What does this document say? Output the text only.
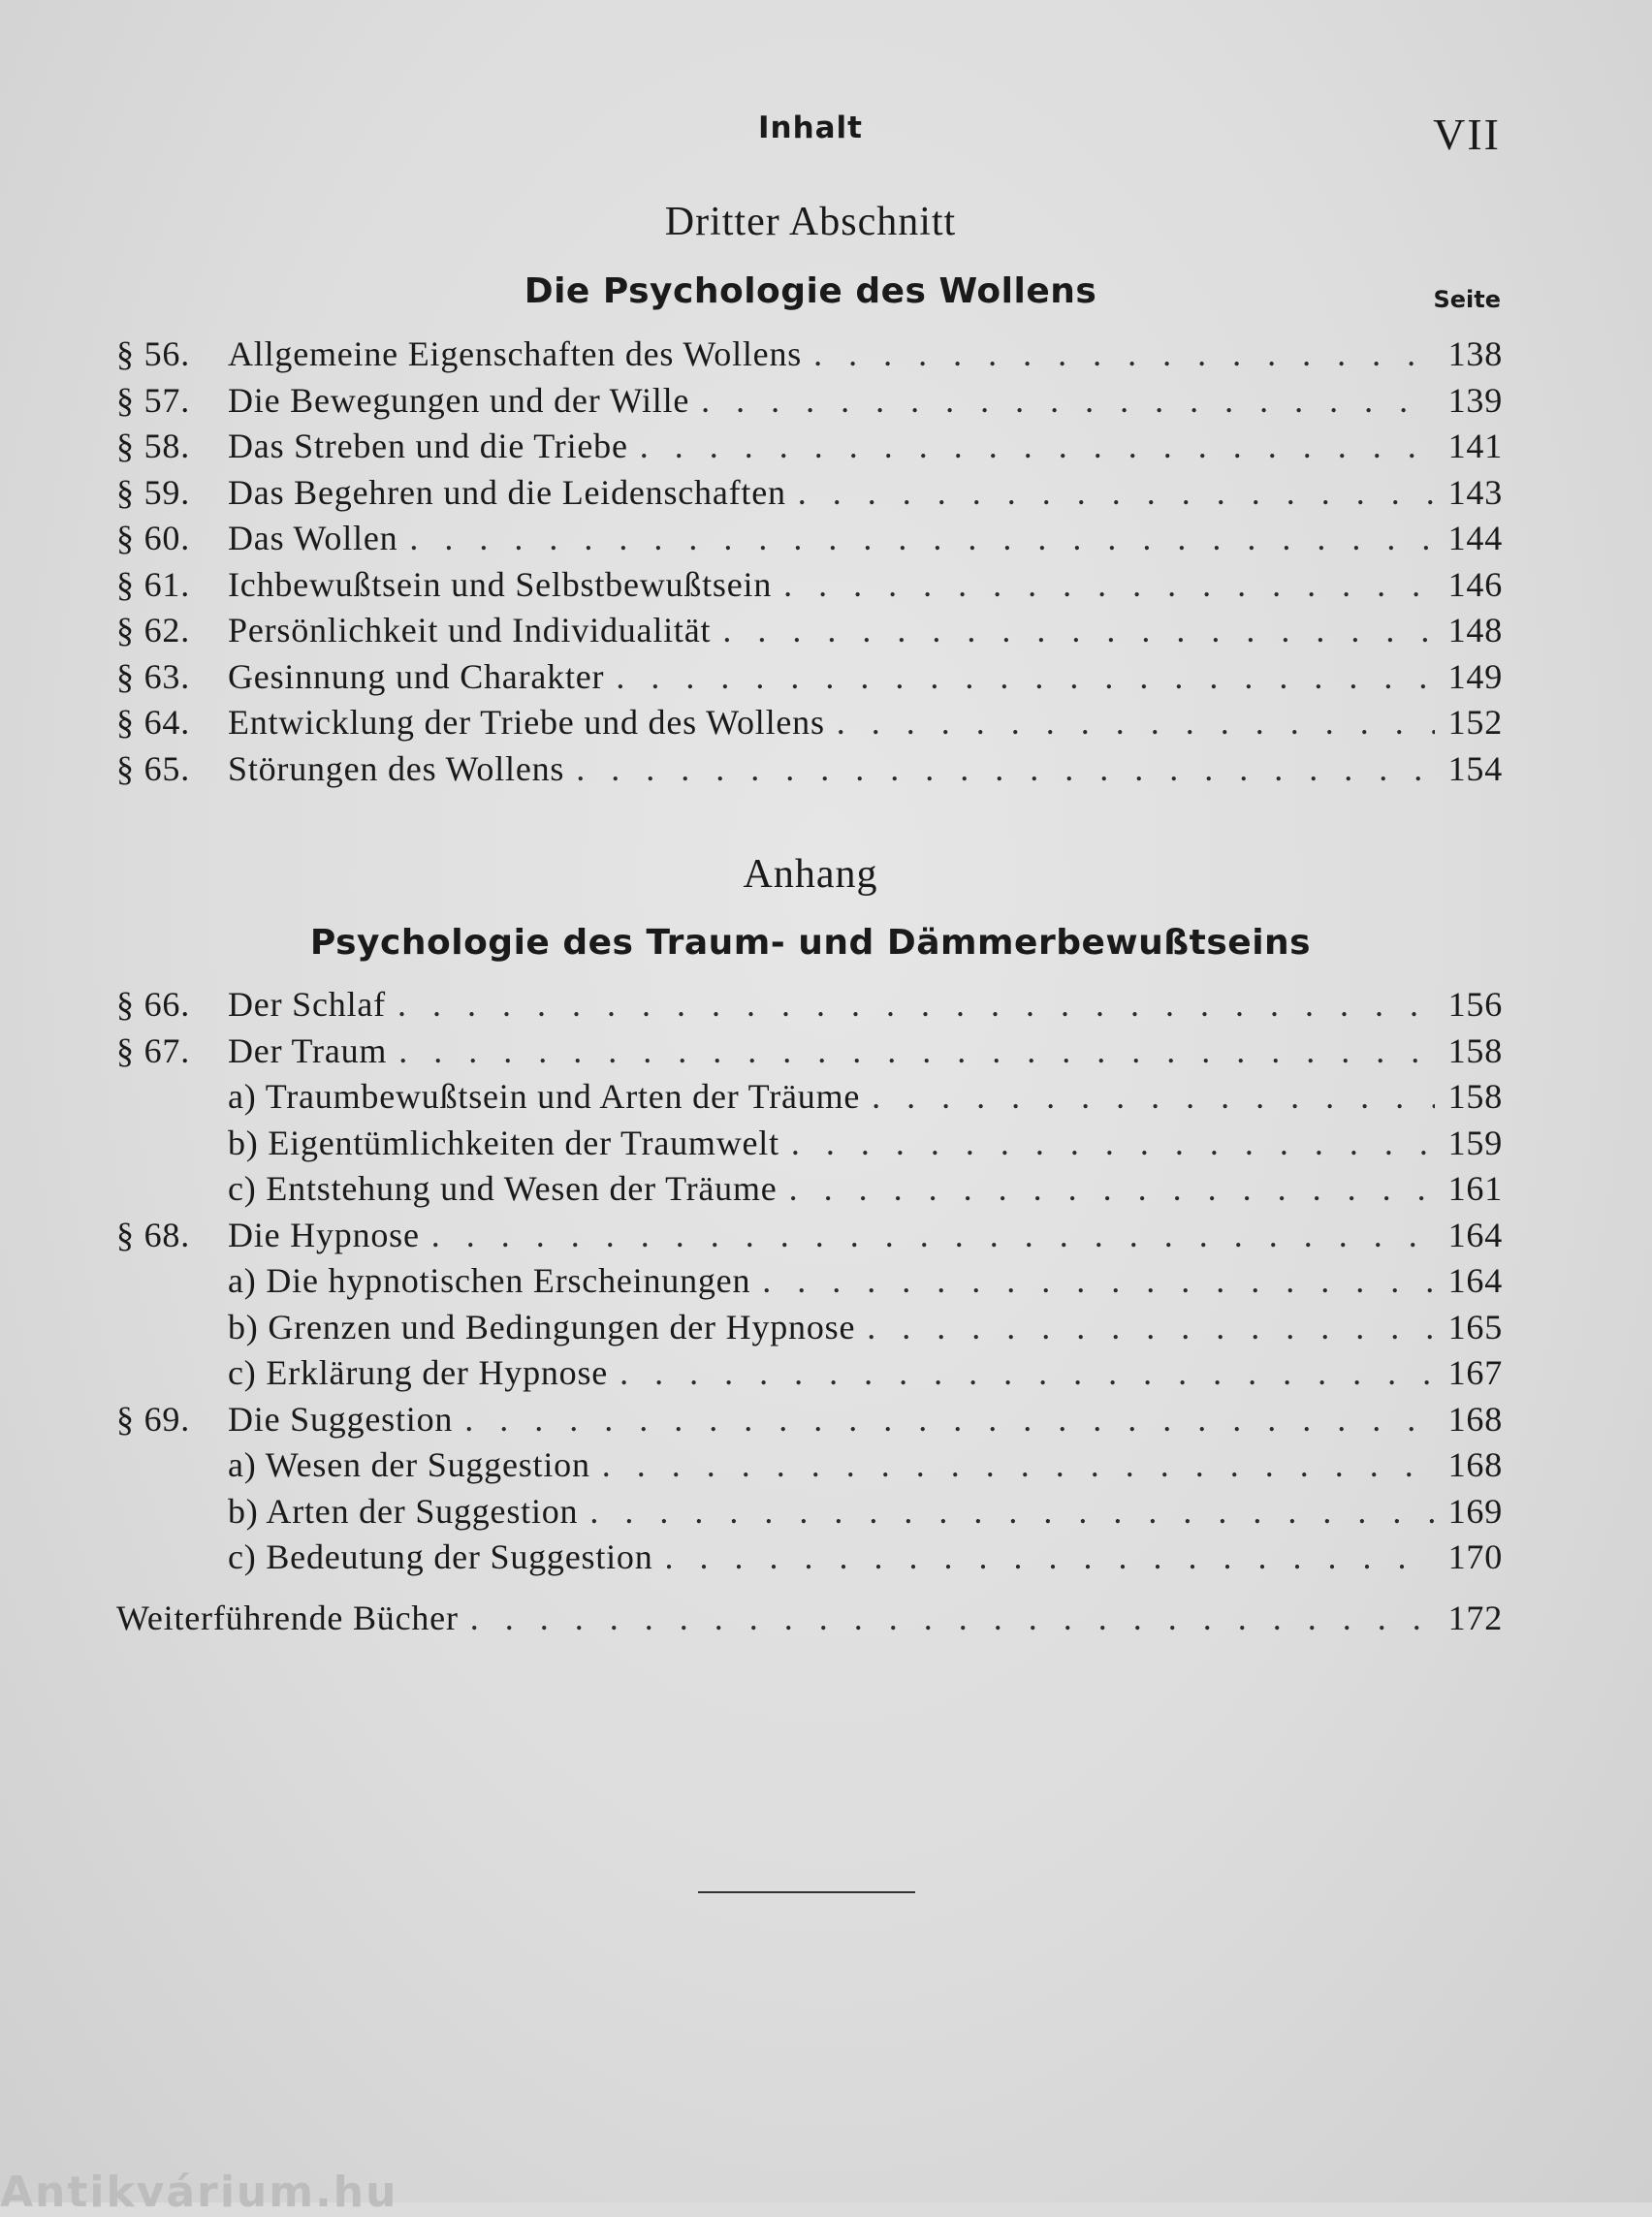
Inhalt	VII
Dritter Abschnitt
Die Psychologie des Wollens	Seite
§ 56.	Allgemeine Eigenschaften des Wollens . . .	138
§ 57.	Die Bewegungen und der Wille . . .	139
§ 58.	Das Streben und die Triebe . . .	141
§ 59.	Das Begehren und die Leidenschaften . . .	143
§ 60.	Das Wollen . . .	144
§ 61.	Ichbewußtsein und Selbstbewußtsein . . .	146
§ 62.	Persönlichkeit und Individualität . . .	148
§ 63.	Gesinnung und Charakter . . .	149
§ 64.	Entwicklung der Triebe und des Wollens . . .	152
§ 65.	Störungen des Wollens . . .	154
Anhang
Psychologie des Traum- und Dämmerbewußtseins
§ 66.	Der Schlaf . . .	156
§ 67.	Der Traum . . .	158
a) Traumbewußtsein und Arten der Träume . . .	158
b) Eigentümlichkeiten der Traumwelt . . .	159
c) Entstehung und Wesen der Träume . . .	161
§ 68.	Die Hypnose . . .	164
a) Die hypnotischen Erscheinungen . . .	164
b) Grenzen und Bedingungen der Hypnose . . .	165
c) Erklärung der Hypnose . . .	167
§ 69.	Die Suggestion . . .	168
a) Wesen der Suggestion . . .	168
b) Arten der Suggestion . . .	169
c) Bedeutung der Suggestion . . .	170
Weiterführende Bücher . . .	172
Antikvárium.hu
